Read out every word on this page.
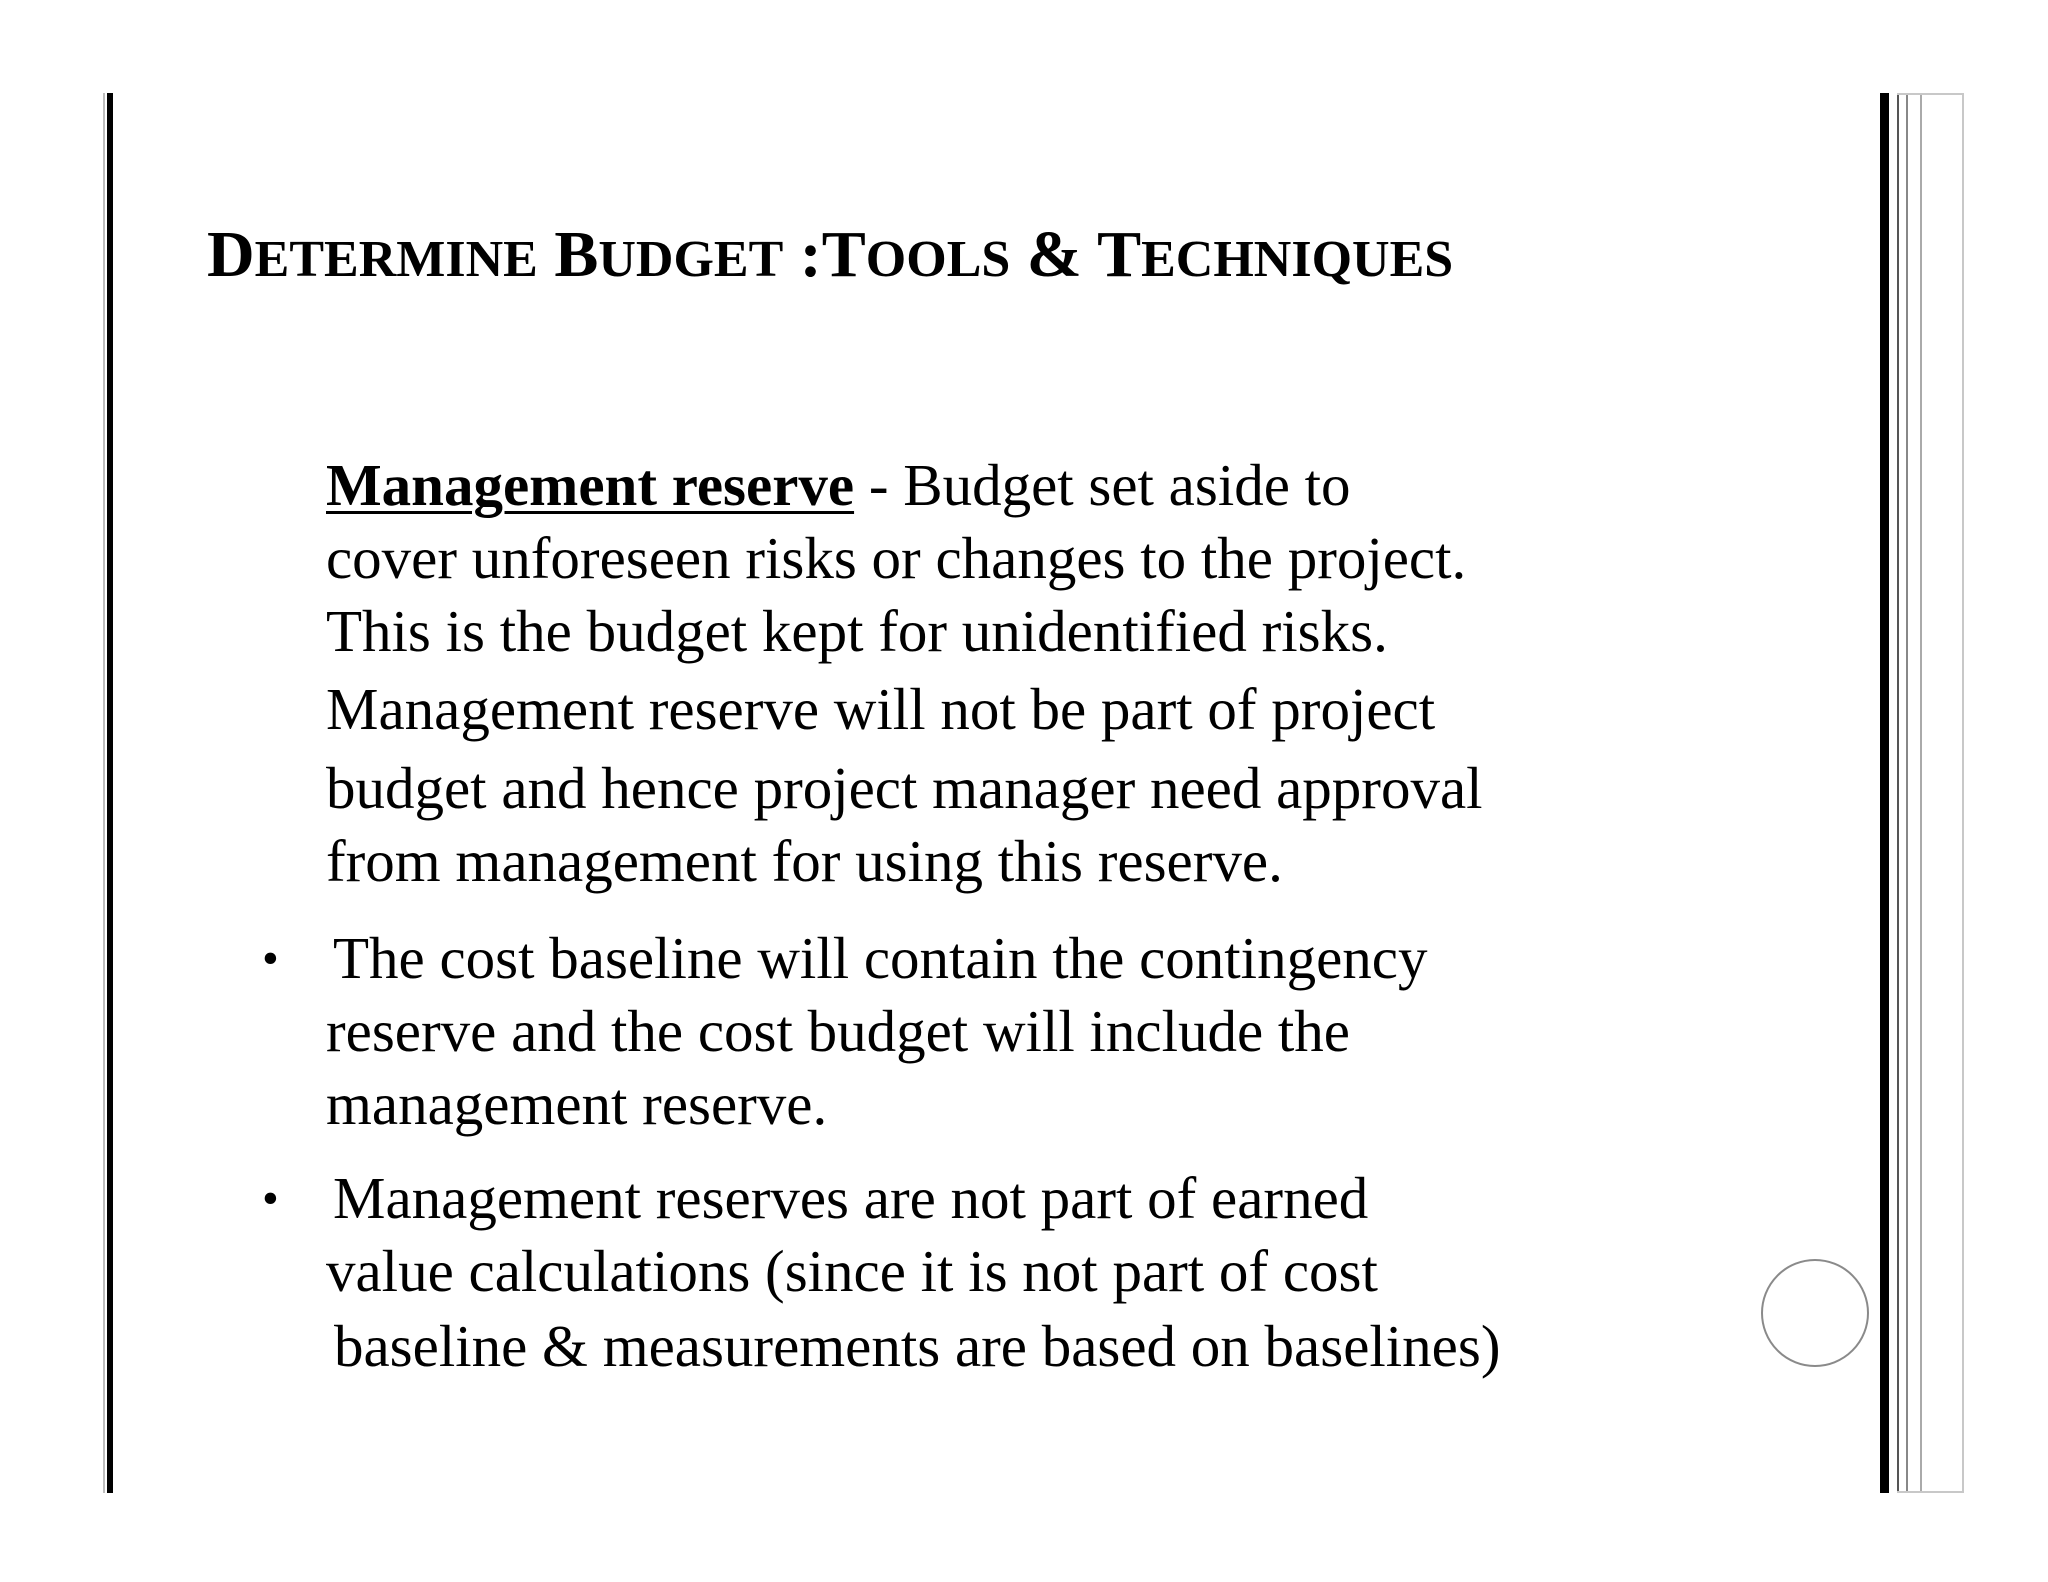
DETERMINE BUDGET :TOOLS & TECHNIQUES
Management reserve - Budget set aside to
cover unforeseen risks or changes to the project.
This is the budget kept for unidentified risks.
Management reserve will not be part of project
budget and hence project manager need approval
from management for using this reserve.
• The cost baseline will contain the contingency
reserve and the cost budget will include the
management reserve.
• Management reserves are not part of earned
value calculations (since it is not part of cost
baseline & measurements are based on baselines)
